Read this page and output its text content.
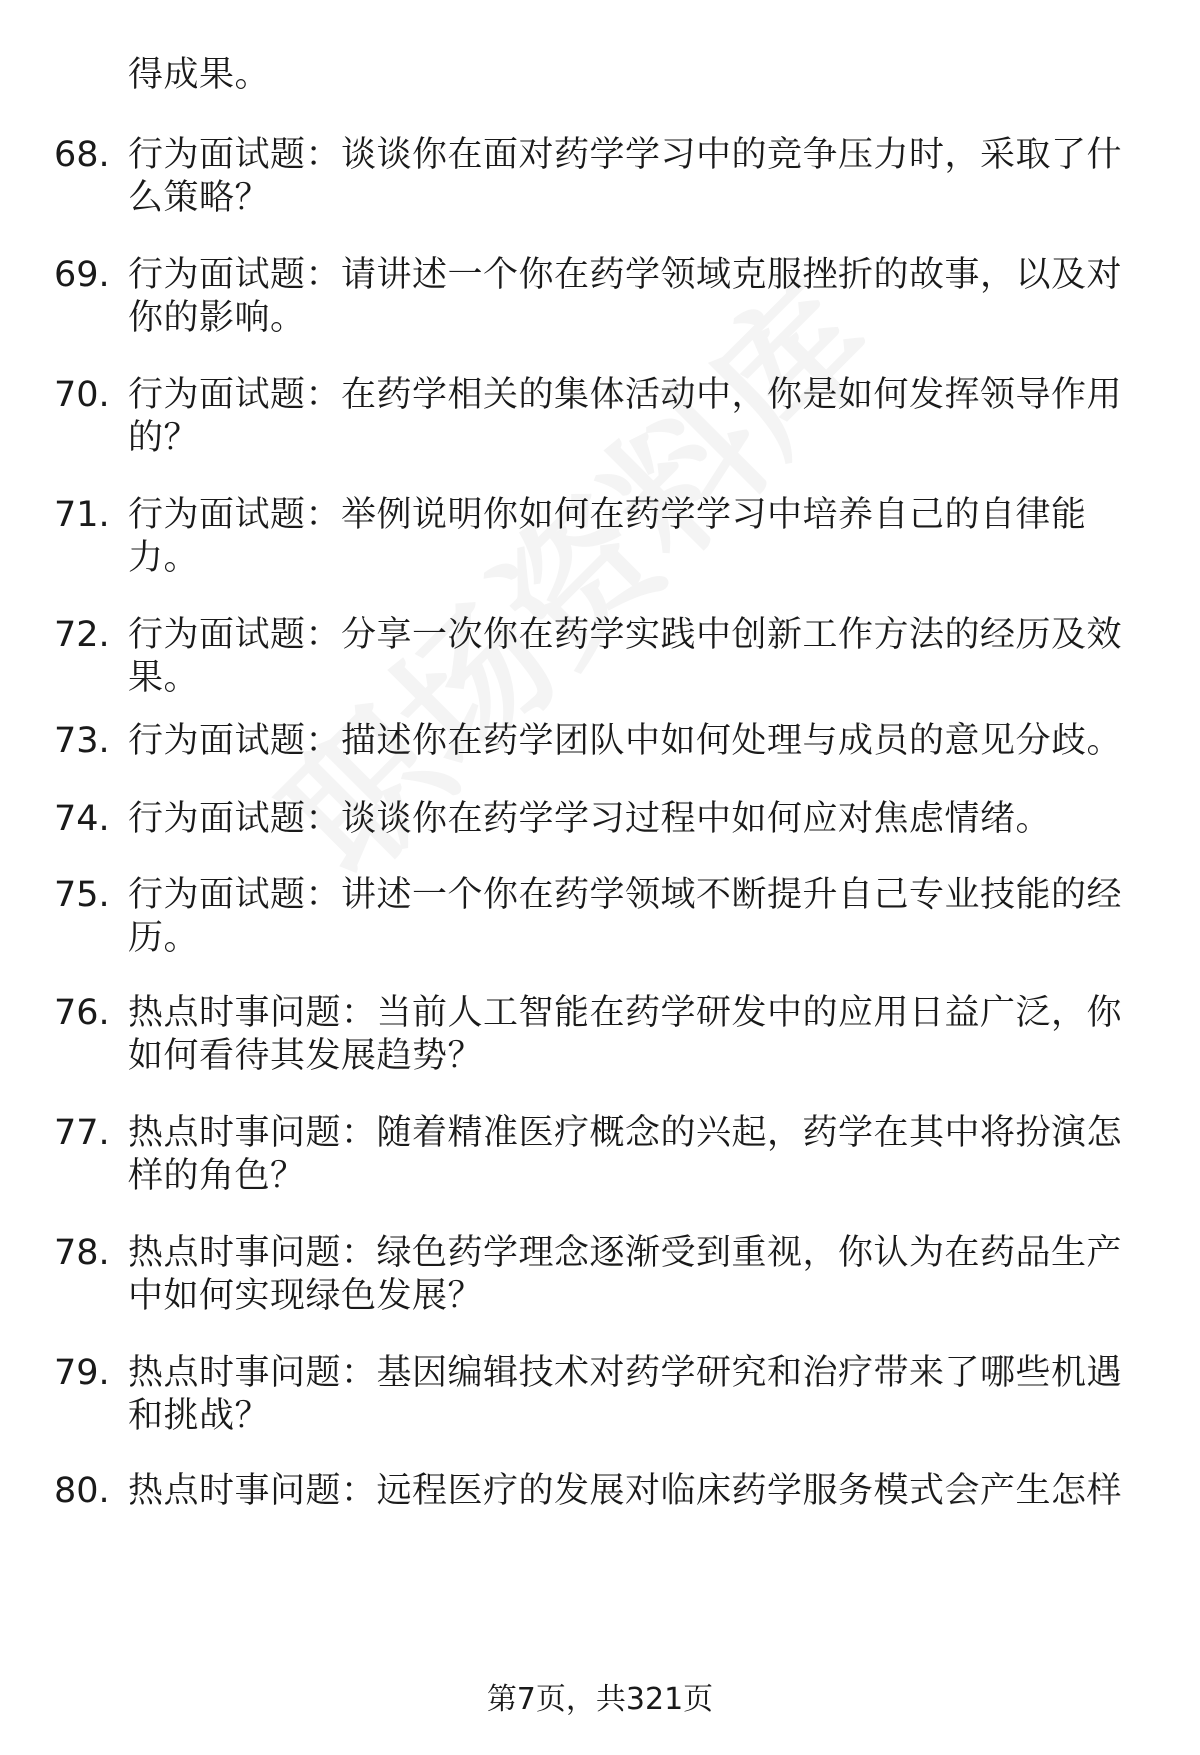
得成果。
68. 行为面试题：谈谈你在面对药学学习中的竞争压力时，采取了什
么策略？
69. 行为面试题：请讲述一个你在药学领域克服挫折的故事，以及对
你的影响。
70. 行为面试题：在药学相关的集体活动中，你是如何发挥领导作用
的？
71. 行为面试题：举例说明你如何在药学学习中培养自己的自律能
力。
72. 行为面试题：分享一次你在药学实践中创新工作方法的经历及效
果。
73. 行为面试题：描述你在药学团队中如何处理与成员的意见分歧。
74. 行为面试题：谈谈你在药学学习过程中如何应对焦虑情绪。
75. 行为面试题：讲述一个你在药学领域不断提升自己专业技能的经
历。
76. 热点时事问题：当前人工智能在药学研发中的应用日益广泛，你
如何看待其发展趋势？
77. 热点时事问题：随着精准医疗概念的兴起，药学在其中将扮演怎
样的角色？
78. 热点时事问题：绿色药学理念逐渐受到重视，你认为在药品生产
中如何实现绿色发展？
79. 热点时事问题：基因编辑技术对药学研究和治疗带来了哪些机遇
和挑战？
80. 热点时事问题：远程医疗的发展对临床药学服务模式会产生怎样
第7页，共321页
